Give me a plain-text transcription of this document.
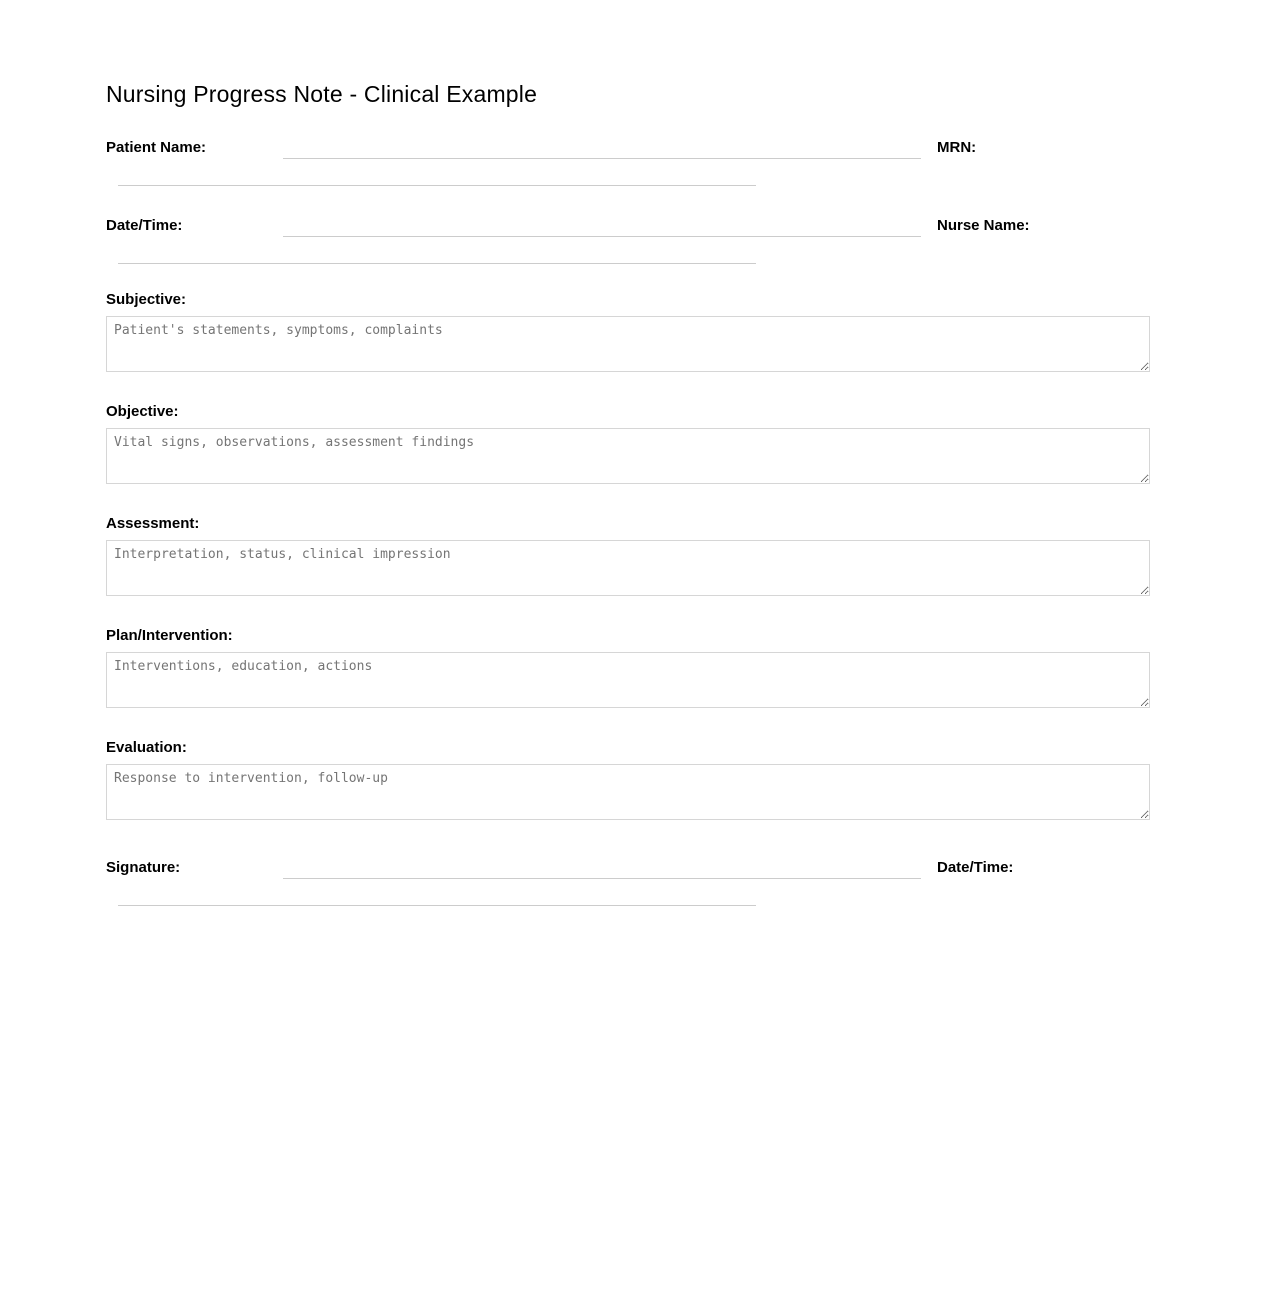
Nursing Progress Note - Clinical Example

Patient Name:	MRN:

Date/Time:	Nurse Name:

Subjective:
Patient's statements, symptoms, complaints
Objective:
Vital signs, observations, assessment findings
Assessment:
Interpretation, status, clinical impression
Plan/Intervention:
Interventions, education, actions
Evaluation:
Response to intervention, follow-up

Signature:	Date/Time:
